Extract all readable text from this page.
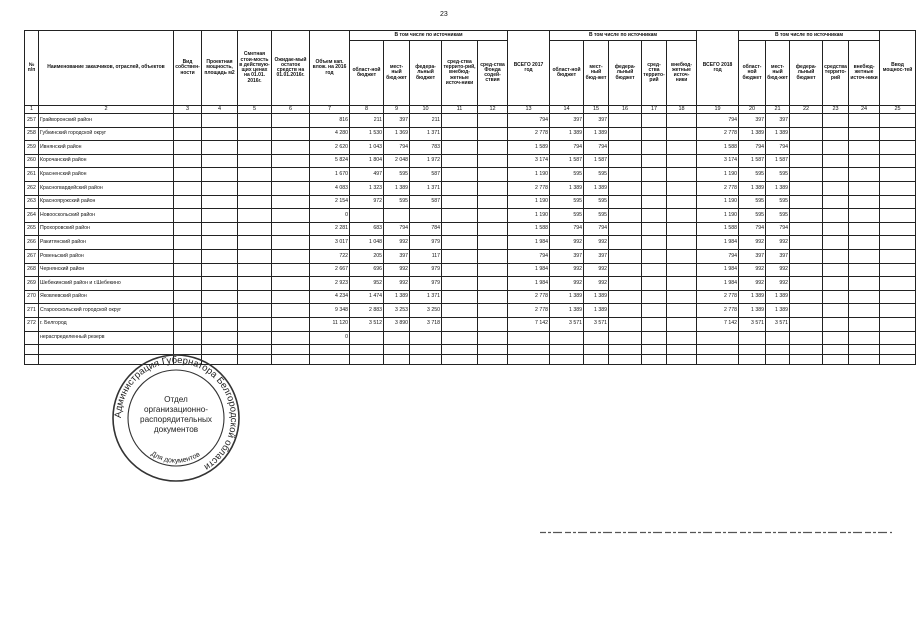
23
№ п/п	Наименование заказчиков, отраслей, объектов	Вид собствен-ности	Проектная мощность, площадь м2	Сметная стои-мость в действую-щих ценах на 01.01. 2016г.	Ожидае-мый остаток средств на 01.01.2016г.	Объем кап. влож. на 2016 год	В том числе по источникам					ВСЕГО 2017 год	В том числе по источникам					ВСЕГО 2018 год	В том числе по источникам					Ввод мощнос-тей
							област-ной бюджет	мест-ный бюд-жет	федера-льный бюджет	сред-ства террито-рий, внебюд-жетные источ-ники	сред-ства Фонда содей-ствия		област-ной бюджет	мест-ный бюд-жет	федера-льный бюджет	сред-ства террито-рий	внебюд-жетные источ-ники		област-ной бюджет	мест-ный бюд-жет	федера-льный бюджет	средства террито-рий	внебюд-жетные источ-ники	
1	2	3	4	5	6	7	8	9	10	11	12	13	14	15	16	17	18	19	20	21	22	23	24	25
257	Грайворонский район					816	211	397	211			794	397	397				794	397	397				
258	Губкинский городской округ					4 280	1 530	1 369	1 371			2 778	1 389	1 389				2 778	1 389	1 389				
259	Ивнянский район					2 620	1 043	794	783			1 589	794	794				1 588	794	794				
260	Корочанский район					5 824	1 804	2 048	1 972			3 174	1 587	1 587				3 174	1 587	1 587				
261	Красненский район					1 670	497	595	587			1 190	595	595				1 190	595	595				
262	Красногвардейский район					4 083	1 323	1 389	1 371			2 778	1 389	1 389				2 778	1 389	1 389				
263	Краснояружский район					2 154	972	595	587			1 190	595	595				1 190	595	595				
264	Новооскольский район					0						1 190	595	595				1 190	595	595				
265	Прохоровский район					2 281	683	794	784			1 588	794	794				1 588	794	794				
266	Ракитянский район					3 017	1 048	992	979			1 984	992	992				1 984	992	992				
267	Ровеньский район					722	205	397	117			794	397	397				794	397	397				
268	Чернянский район					2 667	696	992	979			1 984	992	992				1 984	992	992				
269	Шебекинский район и г.Шебекино					2 923	952	992	979			1 984	992	992				1 984	992	992				
270	Яковлевский район					4 234	1 474	1 389	1 371			2 778	1 389	1 389				2 778	1 389	1 389				
271	Старооскольский городской округ					9 348	2 883	3 253	3 250			2 778	1 389	1 389				2 778	1 389	1 389				
272	г. Белгород					11 120	3 512	3 890	3 718			7 142	3 571	3 571				7 142	3 571	3 571				
	нераспределенный резерв					0																		

Администрация Губернатора Белгородской области
Для документов
Отдел
организационно-
распорядительных
документов
